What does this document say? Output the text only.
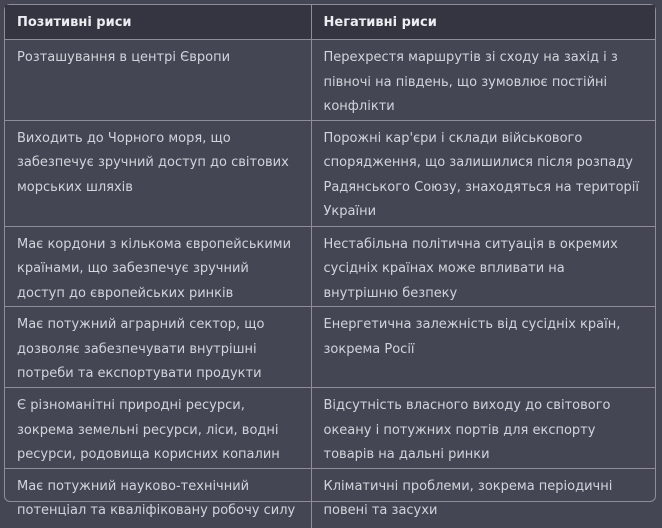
Позитивні риси	Негативні риси
Розташування в центрі Європи	Перехрестя маршрутів зі сходу на захід і з півночі на південь, що зумовлює постійні конфлікти
Виходить до Чорного моря, що забезпечує зручний доступ до світових морських шляхів	Порожні кар'єри і склади військового спорядження, що залишилися після розпаду Радянського Союзу, знаходяться на території України
Має кордони з кількома європейськими країнами, що забезпечує зручний доступ до європейських ринків	Нестабільна політична ситуація в окремих сусідніх країнах може впливати на внутрішню безпеку
Має потужний аграрний сектор, що дозволяє забезпечувати внутрішні потреби та експортувати продукти	Енергетична залежність від сусідніх країн, зокрема Росії
Є різноманітні природні ресурси, зокрема земельні ресурси, ліси, водні ресурси, родовища корисних копалин	Відсутність власного виходу до світового океану і потужних портів для експорту товарів на дальні ринки
Має потужний науково-технічний потенціал та кваліфіковану робочу силу	Кліматичні проблеми, зокрема періодичні повені та засухи
